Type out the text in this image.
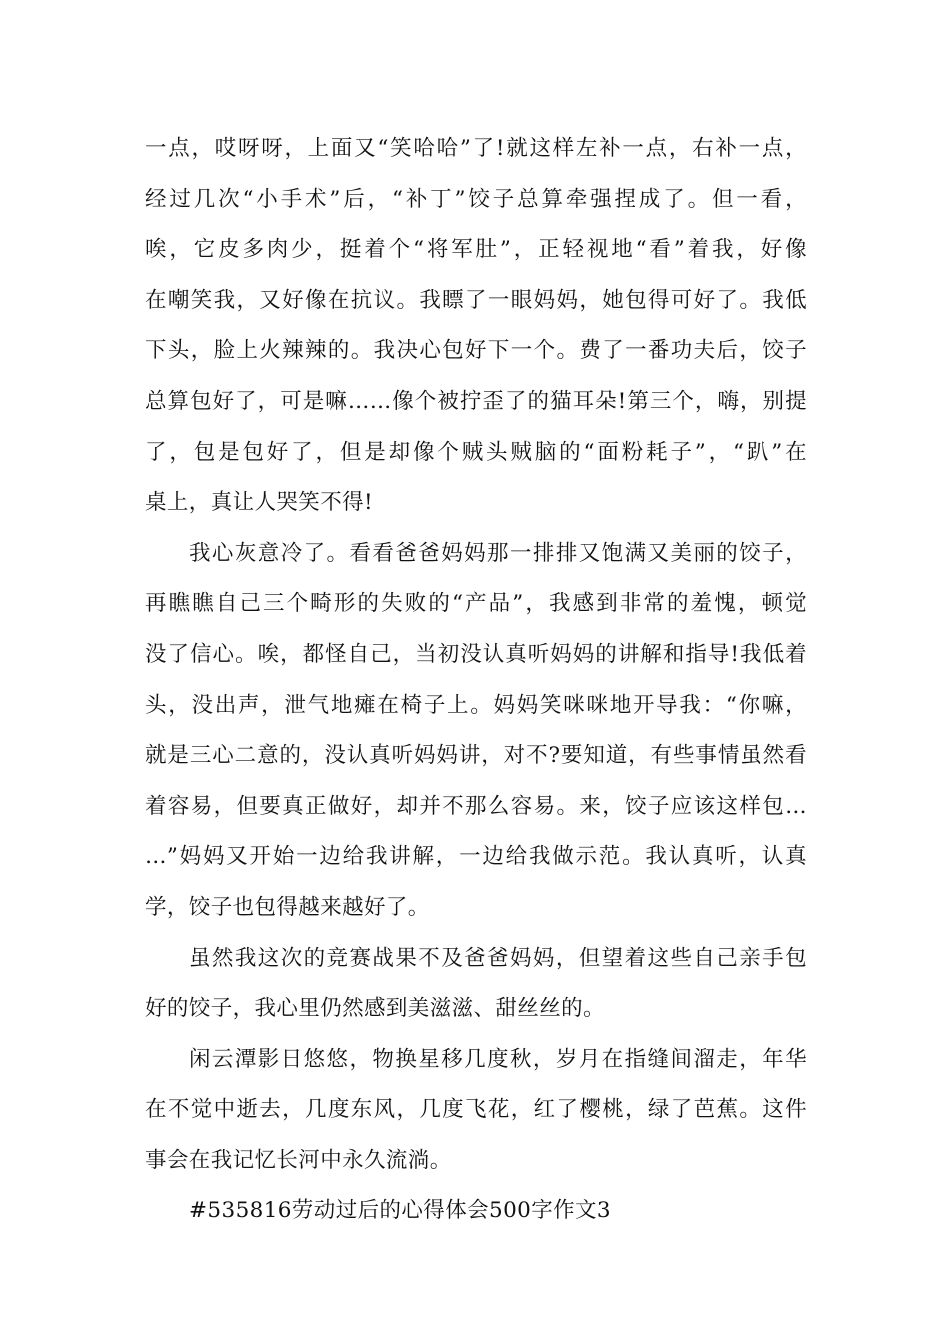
一点，哎呀呀，上面又“笑哈哈”了!就这样左补一点，右补一点，
经过几次“小手术”后，“补丁”饺子总算牵强捏成了。但一看，
唉，它皮多肉少，挺着个“将军肚”，正轻视地“看”着我，好像
在嘲笑我，又好像在抗议。我瞟了一眼妈妈，她包得可好了。我低
下头，脸上火辣辣的。我决心包好下一个。费了一番功夫后，饺子
总算包好了，可是嘛……像个被拧歪了的猫耳朵!第三个，嗨，别提
了，包是包好了，但是却像个贼头贼脑的“面粉耗子”，“趴”在
桌上，真让人哭笑不得!
我心灰意冷了。看看爸爸妈妈那一排排又饱满又美丽的饺子，
再瞧瞧自己三个畸形的失败的“产品”，我感到非常的羞愧，顿觉
没了信心。唉，都怪自己，当初没认真听妈妈的讲解和指导!我低着
头，没出声，泄气地瘫在椅子上。妈妈笑咪咪地开导我：“你嘛，
就是三心二意的，没认真听妈妈讲，对不?要知道，有些事情虽然看
着容易，但要真正做好，却并不那么容易。来，饺子应该这样包…
…”妈妈又开始一边给我讲解，一边给我做示范。我认真听，认真
学，饺子也包得越来越好了。
虽然我这次的竞赛战果不及爸爸妈妈，但望着这些自己亲手包
好的饺子，我心里仍然感到美滋滋、甜丝丝的。
闲云潭影日悠悠，物换星移几度秋，岁月在指缝间溜走，年华
在不觉中逝去，几度东风，几度飞花，红了樱桃，绿了芭蕉。这件
事会在我记忆长河中永久流淌。
#535816劳动过后的心得体会500字作文3
